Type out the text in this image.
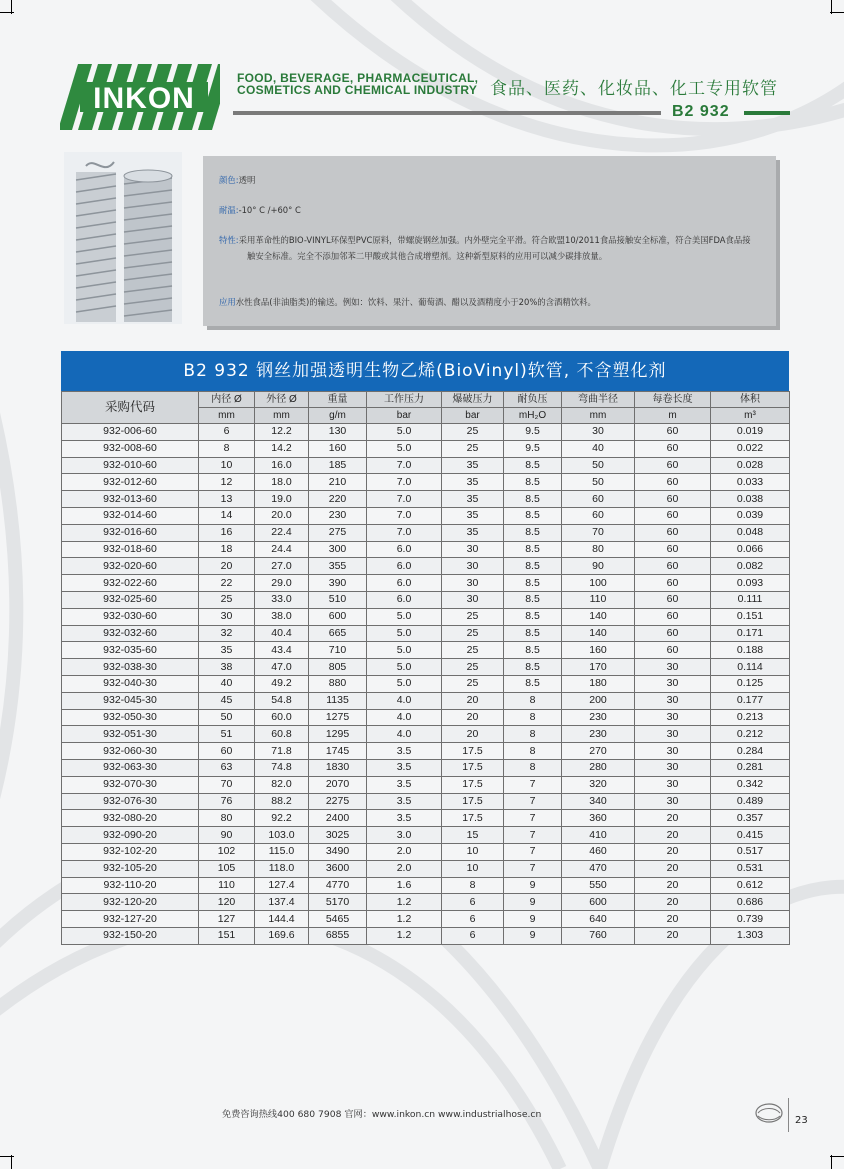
INKON
FOOD, BEVERAGE, PHARMACEUTICAL,
COSMETICS AND CHEMICAL INDUSTRY 食品、医药、化妆品、化工专用软管
B2 932

颜色:透明

耐温:-10° C /+60° C

特性:采用革命性的BIO-VINYL环保型PVC原料，带螺旋钢丝加强。内外壁完全平滑。符合欧盟10/2011食品接触安全标准，符合美国FDA食品接触安全标准。完全不添加邻苯二甲酸或其他合成增塑剂。这种新型原料的应用可以减少碳排放量。

应用水性食品(非油脂类)的输送。例如：饮料、果汁、葡萄酒、醋以及酒精度小于20%的含酒精饮料。

B2 932 钢丝加强透明生物乙烯(BioVinyl)软管, 不含塑化剂
采购代码	内径 Ø	外径 Ø	重量	工作压力	爆破压力	耐负压	弯曲半径	每卷长度	体积
	mm	mm	g/m	bar	bar	mH₂O	mm	m	m³
932-006-60	6	12.2	130	5.0	25	9.5	30	60	0.019
932-008-60	8	14.2	160	5.0	25	9.5	40	60	0.022
932-010-60	10	16.0	185	7.0	35	8.5	50	60	0.028
932-012-60	12	18.0	210	7.0	35	8.5	50	60	0.033
932-013-60	13	19.0	220	7.0	35	8.5	60	60	0.038
932-014-60	14	20.0	230	7.0	35	8.5	60	60	0.039
932-016-60	16	22.4	275	7.0	35	8.5	70	60	0.048
932-018-60	18	24.4	300	6.0	30	8.5	80	60	0.066
932-020-60	20	27.0	355	6.0	30	8.5	90	60	0.082
932-022-60	22	29.0	390	6.0	30	8.5	100	60	0.093
932-025-60	25	33.0	510	6.0	30	8.5	110	60	0.111
932-030-60	30	38.0	600	5.0	25	8.5	140	60	0.151
932-032-60	32	40.4	665	5.0	25	8.5	140	60	0.171
932-035-60	35	43.4	710	5.0	25	8.5	160	60	0.188
932-038-30	38	47.0	805	5.0	25	8.5	170	30	0.114
932-040-30	40	49.2	880	5.0	25	8.5	180	30	0.125
932-045-30	45	54.8	1135	4.0	20	8	200	30	0.177
932-050-30	50	60.0	1275	4.0	20	8	230	30	0.213
932-051-30	51	60.8	1295	4.0	20	8	230	30	0.212
932-060-30	60	71.8	1745	3.5	17.5	8	270	30	0.284
932-063-30	63	74.8	1830	3.5	17.5	8	280	30	0.281
932-070-30	70	82.0	2070	3.5	17.5	7	320	30	0.342
932-076-30	76	88.2	2275	3.5	17.5	7	340	30	0.489
932-080-20	80	92.2	2400	3.5	17.5	7	360	20	0.357
932-090-20	90	103.0	3025	3.0	15	7	410	20	0.415
932-102-20	102	115.0	3490	2.0	10	7	460	20	0.517
932-105-20	105	118.0	3600	2.0	10	7	470	20	0.531
932-110-20	110	127.4	4770	1.6	8	9	550	20	0.612
932-120-20	120	137.4	5170	1.2	6	9	600	20	0.686
932-127-20	127	144.4	5465	1.2	6	9	640	20	0.739
932-150-20	151	169.6	6855	1.2	6	9	760	20	1.303
免费咨询热线400 680 7908 官网：www.inkon.cn www.industrialhose.cn
23
